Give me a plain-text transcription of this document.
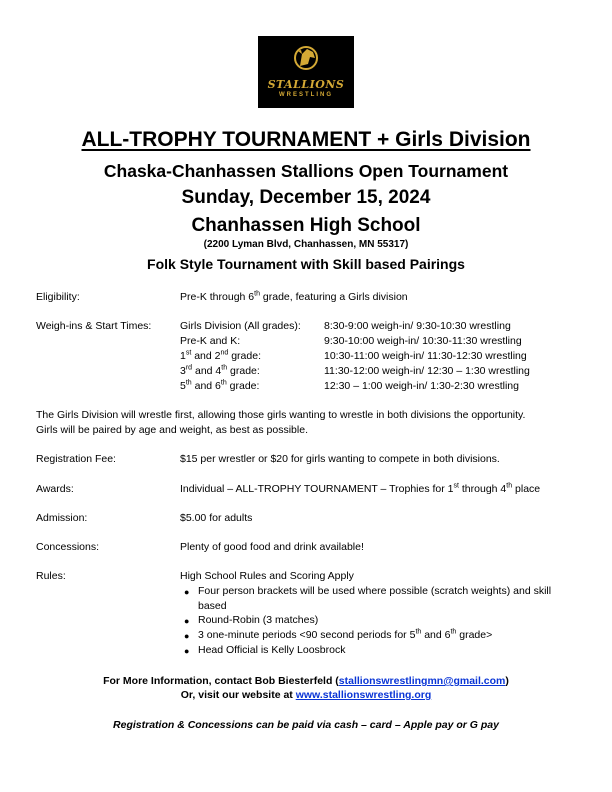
STALLIONS
WRESTLING
ALL-TROPHY TOURNAMENT + Girls Division
Chaska-Chanhassen Stallions Open Tournament
Sunday, December 15, 2024
Chanhassen High School
(2200 Lyman Blvd, Chanhassen, MN 55317)
Folk Style Tournament with Skill based Pairings
Eligibility:	Pre-K through 6th grade, featuring a Girls division
Weigh-ins & Start Times:	Girls Division (All grades): 8:30-9:00 weigh-in/ 9:30-10:30 wrestling
Pre-K and K:	9:30-10:00 weigh-in/ 10:30-11:30 wrestling
1st and 2nd grade:	10:30-11:00 weigh-in/ 11:30-12:30 wrestling
3rd and 4th grade:	11:30-12:00 weigh-in/ 12:30 – 1:30 wrestling
5th and 6th grade:	12:30 – 1:00 weigh-in/ 1:30-2:30 wrestling
The Girls Division will wrestle first, allowing those girls wanting to wrestle in both divisions the opportunity.
Girls will be paired by age and weight, as best as possible.
Registration Fee:	$15 per wrestler or $20 for girls wanting to compete in both divisions.
Awards:	Individual – ALL-TROPHY TOURNAMENT – Trophies for 1st through 4th place
Admission:	$5.00 for adults
Concessions:	Plenty of good food and drink available!
Rules:	High School Rules and Scoring Apply
● Four person brackets will be used where possible (scratch weights) and skill
based
● Round-Robin (3 matches)
● 3 one-minute periods <90 second periods for 5th and 6th grade>
● Head Official is Kelly Loosbrock
For More Information, contact Bob Biesterfeld (stallionswrestlingmn@gmail.com)
Or, visit our website at www.stallionswrestling.org
Registration & Concessions can be paid via cash – card – Apple pay or G pay
